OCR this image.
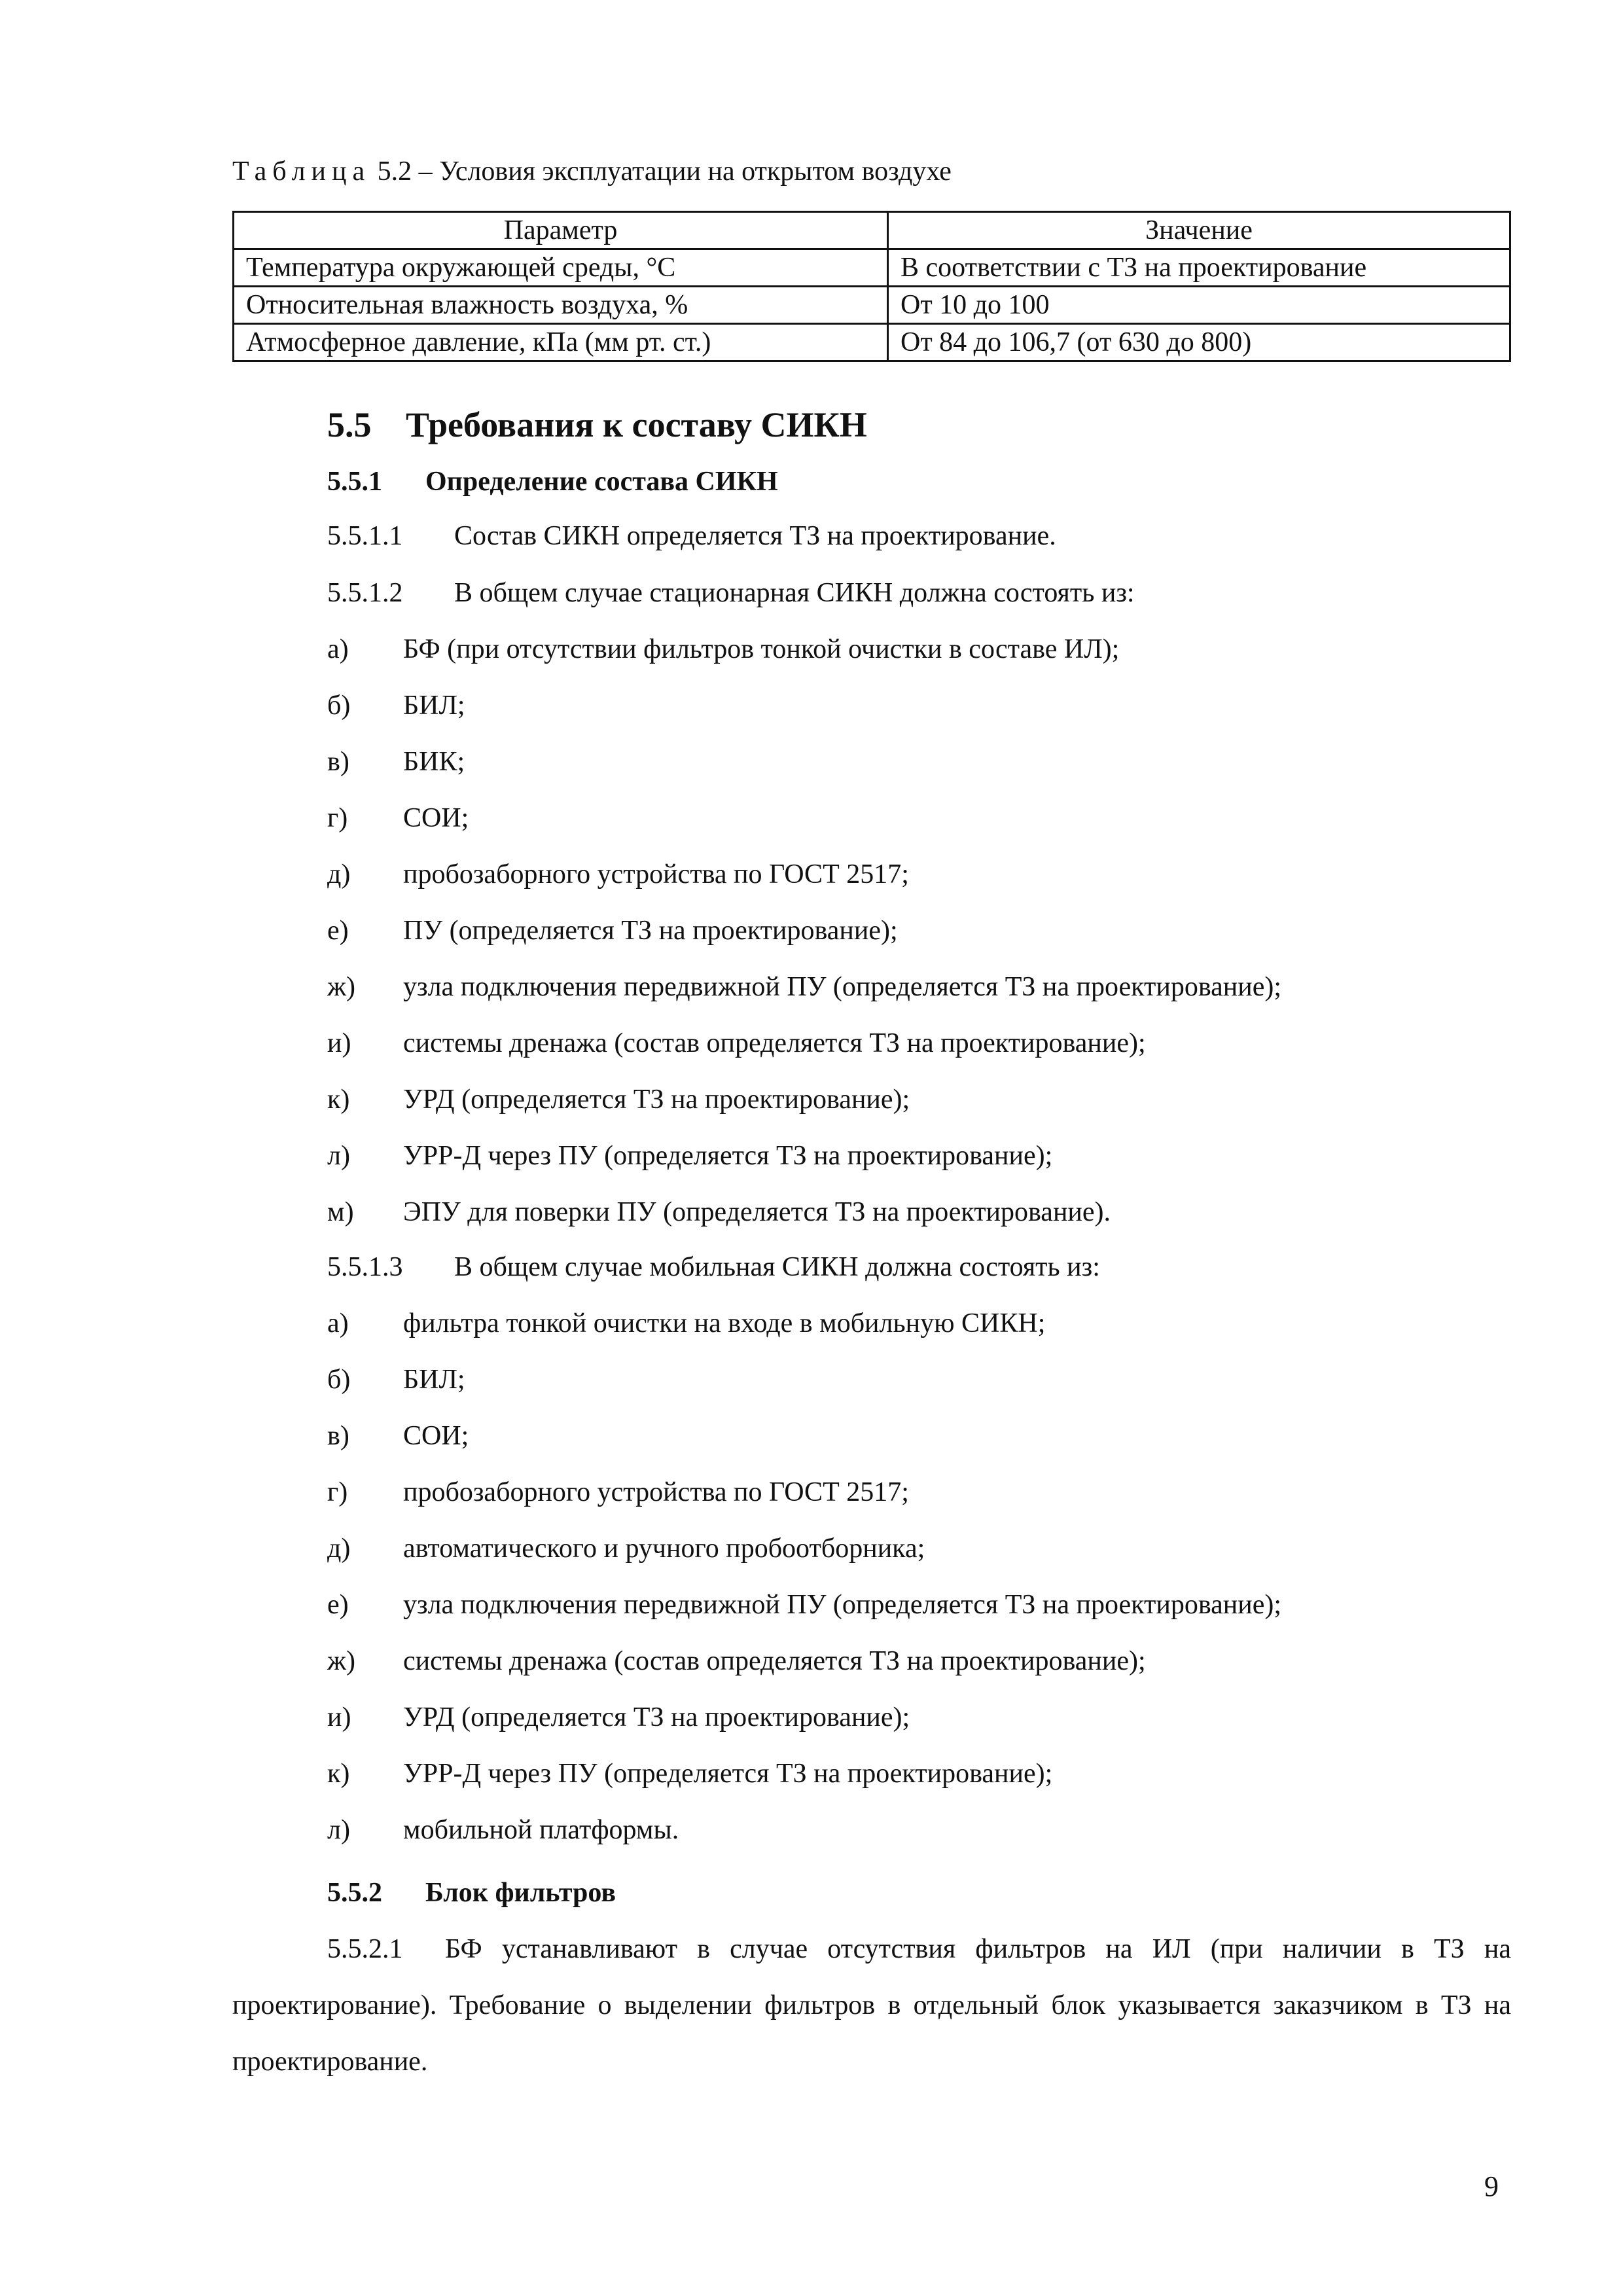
Таблица 5.2 – Условия эксплуатации на открытом воздухе
Параметр	Значение
Температура окружающей среды, °С	В соответствии с ТЗ на проектирование
Относительная влажность воздуха, %	От 10 до 100
Атмосферное давление, кПа (мм рт. ст.)	От 84 до 106,7 (от 630 до 800)
5.5 Требования к составу СИКН
5.5.1 Определение состава СИКН
5.5.1.1 Состав СИКН определяется ТЗ на проектирование.
5.5.1.2 В общем случае стационарная СИКН должна состоять из:
а) БФ (при отсутствии фильтров тонкой очистки в составе ИЛ);
б) БИЛ;
в) БИК;
г) СОИ;
д) пробозаборного устройства по ГОСТ 2517;
е) ПУ (определяется ТЗ на проектирование);
ж) узла подключения передвижной ПУ (определяется ТЗ на проектирование);
и) системы дренажа (состав определяется ТЗ на проектирование);
к) УРД (определяется ТЗ на проектирование);
л) УРР-Д через ПУ (определяется ТЗ на проектирование);
м) ЭПУ для поверки ПУ (определяется ТЗ на проектирование).
5.5.1.3 В общем случае мобильная СИКН должна состоять из:
а) фильтра тонкой очистки на входе в мобильную СИКН;
б) БИЛ;
в) СОИ;
г) пробозаборного устройства по ГОСТ 2517;
д) автоматического и ручного пробоотборника;
е) узла подключения передвижной ПУ (определяется ТЗ на проектирование);
ж) системы дренажа (состав определяется ТЗ на проектирование);
и) УРД (определяется ТЗ на проектирование);
к) УРР-Д через ПУ (определяется ТЗ на проектирование);
л) мобильной платформы.
5.5.2 Блок фильтров
5.5.2.1 БФ устанавливают в случае отсутствия фильтров на ИЛ (при наличии в ТЗ на проектирование). Требование о выделении фильтров в отдельный блок указывается заказчиком в ТЗ на проектирование.
9
